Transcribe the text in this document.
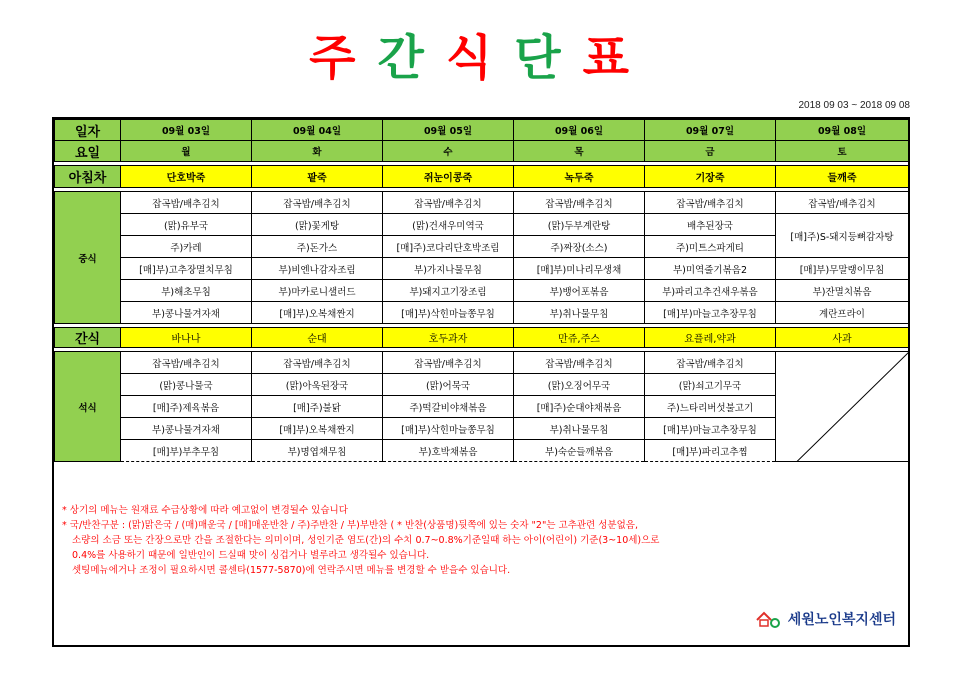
주간식단표
2018 09 03 ~ 2018 09 08
일자	09월 03일	09월 04일	09월 05일	09월 06일	09월 07일	09월 08일
요일	월	화	수	목	금	토

아침차	단호박죽	팥죽	쥐눈이콩죽	녹두죽	기장죽	들깨죽

중식	잡곡밥/배추김치	잡곡밥/배추김치	잡곡밥/배추김치	잡곡밥/배추김치	잡곡밥/배추김치	잡곡밥/배추김치
	(맑)유부국	(맑)꽃게탕	(맑)건새우미역국	(맑)두부계란탕	배추된장국	[매]주)S-돼지등뼈감자탕
	주)카레	주)돈가스	[매]주)코다리단호박조림	주)짜장(소스)	주)미트스파게티	
	[매]부)고추장멸치무침	부)비엔나감자조림	부)가지나물무침	[매]부)미나리무생채	부)미역줄기볶음2	[매]부)무말랭이무침
	부)해초무침	부)마카로니샐러드	부)돼지고기장조림	부)뱅어포볶음	부)파리고추건새우볶음	부)잔멸치볶음
	부)콩나물겨자채	[매]부)오복채짠지	[매]부)삭힌마늘쫑무침	부)취나물무침	[매]부)마늘고추장무침	계란프라이

간식	바나나	순대	호두과자	만쥬,주스	요플레,약과	사과

석식	잡곡밥/배추김치	잡곡밥/배추김치	잡곡밥/배추김치	잡곡밥/배추김치	잡곡밥/배추김치	

	(맑)콩나물국	(맑)아욱된장국	(맑)어묵국	(맑)오징어무국	(맑)쇠고기무국	
	[매]주)제육볶음	[매]주)불닭	주)떡갈비야채볶음	[매]주)순대야채볶음	주)느타리버섯불고기	
	부)콩나물겨자채	[매]부)오복채짠지	[매]부)삭힌마늘쫑무침	부)취나물무침	[매]부)마늘고추장무침	
	[매]부)부추무침	부)명엽채무침	부)호박채볶음	부)숙순들깨볶음	[매]부)파리고추찜	
* 상기의 메뉴는 원재료 수급상황에 따라 예고없이 변경될수 있습니다
* 국/반찬구분 : (맑)맑은국 / (매)매운국 / [매]매운반찬 / 주)주반찬 / 부)부반찬 ( * 반찬(상품명)뒷쪽에 있는 숫자 "2"는 고추관련 성분없음,
소량의 소금 또는 간장으로만 간을 조절한다는 의미이며, 성인기준 염도(간)의 수치 0.7~0.8%기준일때 하는 아이(어린이) 기준(3~10세)으로
0.4%를 사용하기 때문에 일반인이 드실때 맛이 싱겁거나 별루라고 생각될수 있습니다.
셋팅메뉴에거나 조정이 필요하시면 콜센타(1577-5870)에 연락주시면 메뉴를 변경할 수 받을수 있습니다.
세원노인복지센터
